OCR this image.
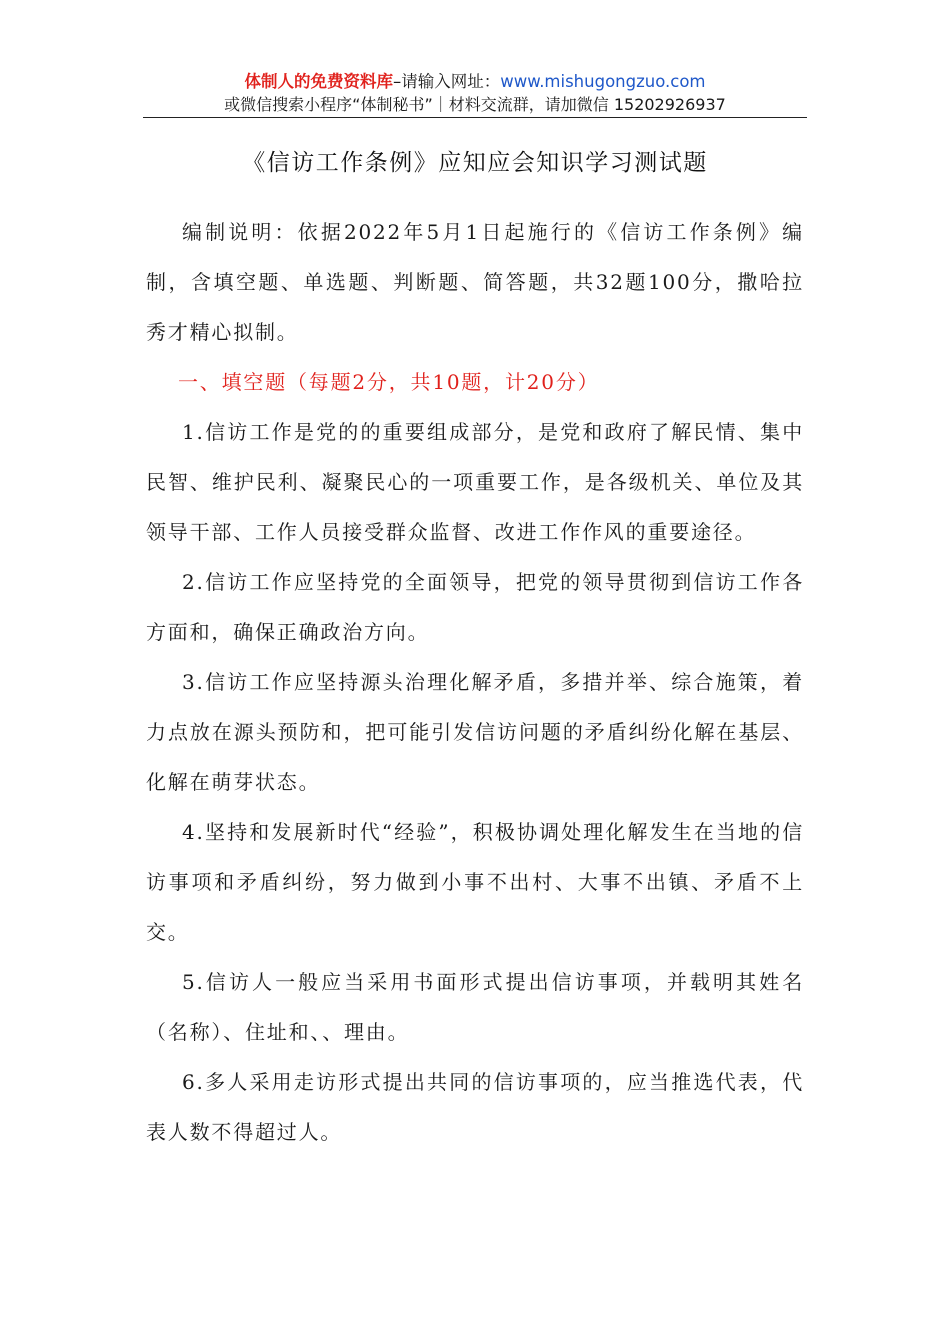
体制人的免费资料库–请输入网址：www.mishugongzuo.com
或微信搜索小程序“体制秘书”｜材料交流群，请加微信 15202926937
《信访工作条例》应知应会知识学习测试题

编制说明：依据2022年5月1日起施行的《信访工作条例》编制，含填空题、单选题、判断题、简答题，共32题100分，撒哈拉秀才精心拟制。

一、填空题（每题2分，共10题，计20分）

1.信访工作是党的的重要组成部分，是党和政府了解民情、集中民智、维护民利、凝聚民心的一项重要工作，是各级机关、单位及其领导干部、工作人员接受群众监督、改进工作作风的重要途径。

2.信访工作应坚持党的全面领导，把党的领导贯彻到信访工作各方面和，确保正确政治方向。

3.信访工作应坚持源头治理化解矛盾，多措并举、综合施策，着力点放在源头预防和，把可能引发信访问题的矛盾纠纷化解在基层、化解在萌芽状态。

4.坚持和发展新时代“经验”，积极协调处理化解发生在当地的信访事项和矛盾纠纷，努力做到小事不出村、大事不出镇、矛盾不上交。

5.信访人一般应当采用书面形式提出信访事项，并载明其姓名（名称）、住址和、、理由。

6.多人采用走访形式提出共同的信访事项的，应当推选代表，代表人数不得超过人。
